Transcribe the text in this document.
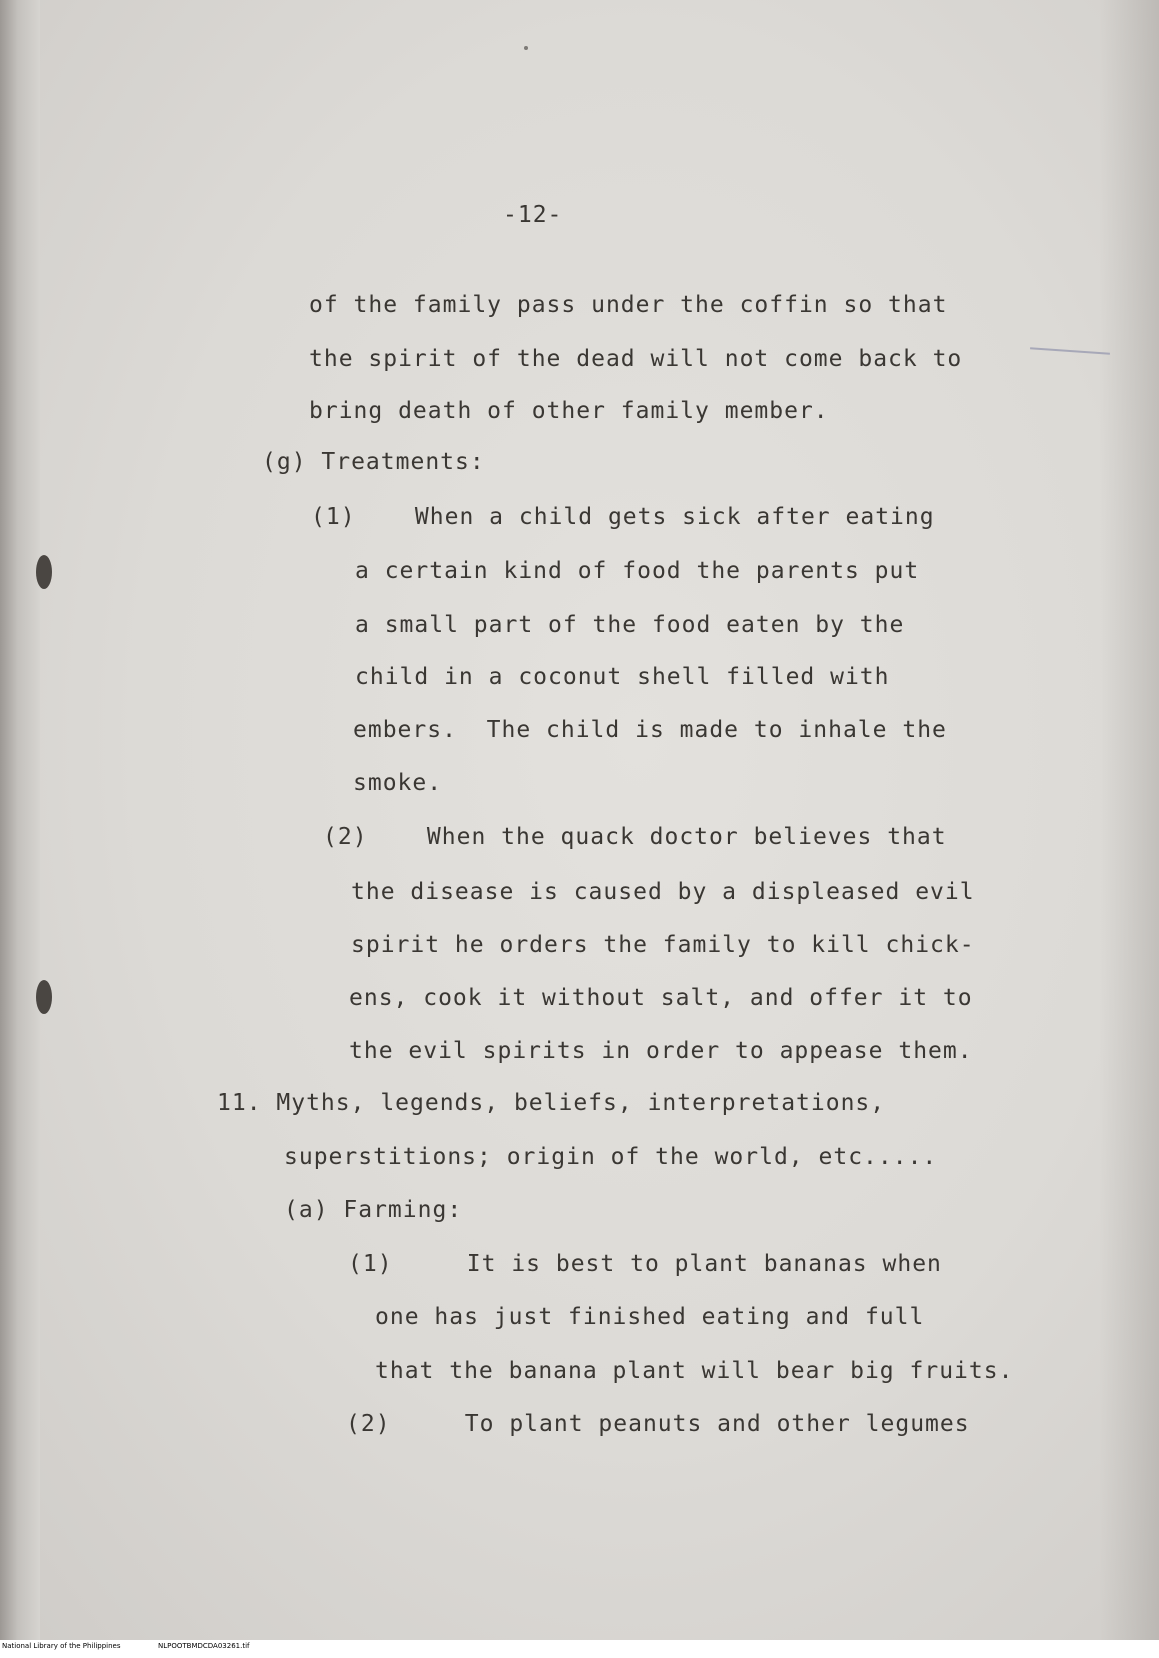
-12-

of the family pass under the coffin so that

the spirit of the dead will not come back to

bring death of other family member.

(g) Treatments:

(1)    When a child gets sick after eating

a certain kind of food the parents put

a small part of the food eaten by the

child in a coconut shell filled with

embers.  The child is made to inhale the

smoke.

(2)    When the quack doctor believes that

the disease is caused by a displeased evil

spirit he orders the family to kill chick-

ens, cook it without salt, and offer it to

the evil spirits in order to appease them.

11. Myths, legends, beliefs, interpretations,

superstitions; origin of the world, etc.....

(a) Farming:

(1)     It is best to plant bananas when

one has just finished eating and full

that the banana plant will bear big fruits.

(2)     To plant peanuts and other legumes

National Library of the Philippines	NLPOOTBMDCDA03261.tif
